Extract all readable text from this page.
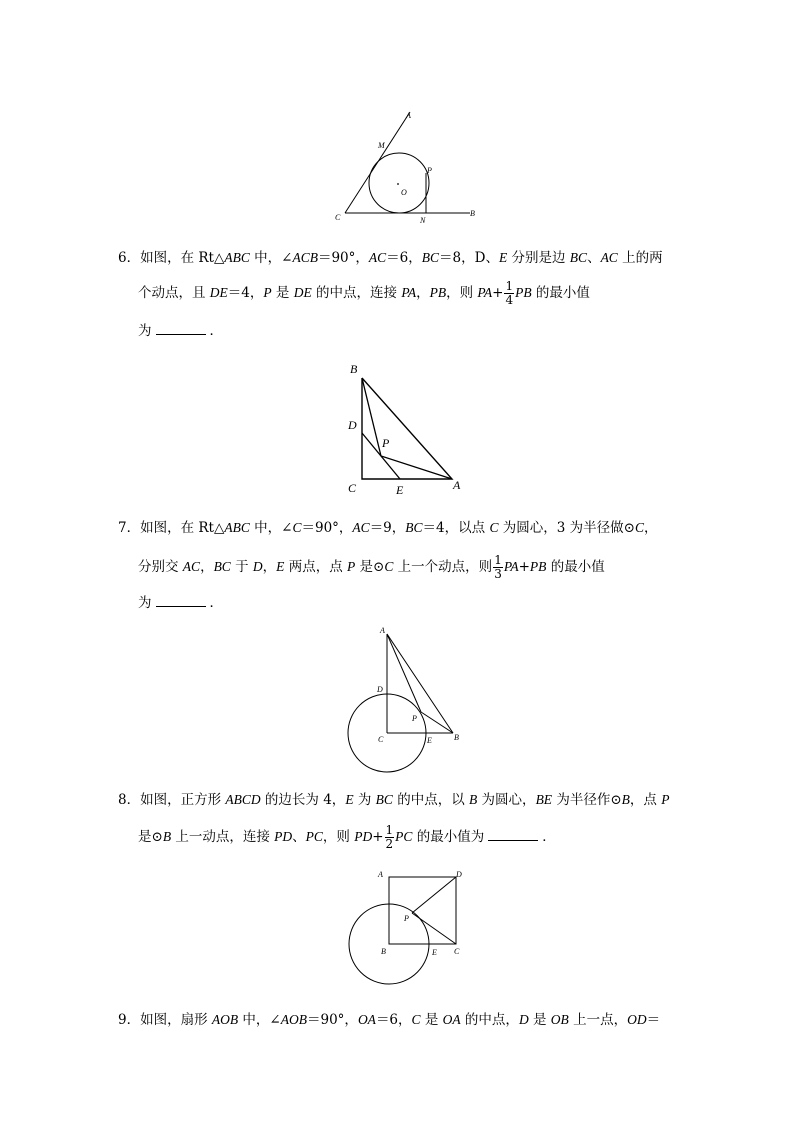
A
M
P
O
C	N
B
6．如图，在 Rt△ABC 中，∠ACB＝90°，AC＝6，BC＝8，D、E 分别是边 BC、AC 上的两
个动点，且 DE＝4，P 是 DE 的中点，连接 PA，PB，则 $PA+ \frac{1}{4}$ PB 的最小值
为	．
B
D
P
C	E	A
7．如图，在 Rt△ABC 中，∠C＝90°，AC＝9，BC＝4，以点 C 为圆心，3 为半径做⊙C，
分别交 AC，BC 于 D，E 两点，点 P 是⊙C 上一个动点，则 $\frac{1}{3} PA+PB$ 的最小值
为	．
A
D
P
C	E	B
8．如图，正方形 ABCD 的边长为 4，E 为 BC 的中点，以 B 为圆心，BE 为半径作⊙B，点 P
是⊙B 上一动点，连接 PD、PC，则 $PD+ \frac{1}{2}$ PC 的最小值为	．
A	D
P
B	E C
9．如图，扇形 AOB 中，∠AOB＝90°，OA＝6，C 是 OA 的中点，D 是 OB 上一点，OD＝
